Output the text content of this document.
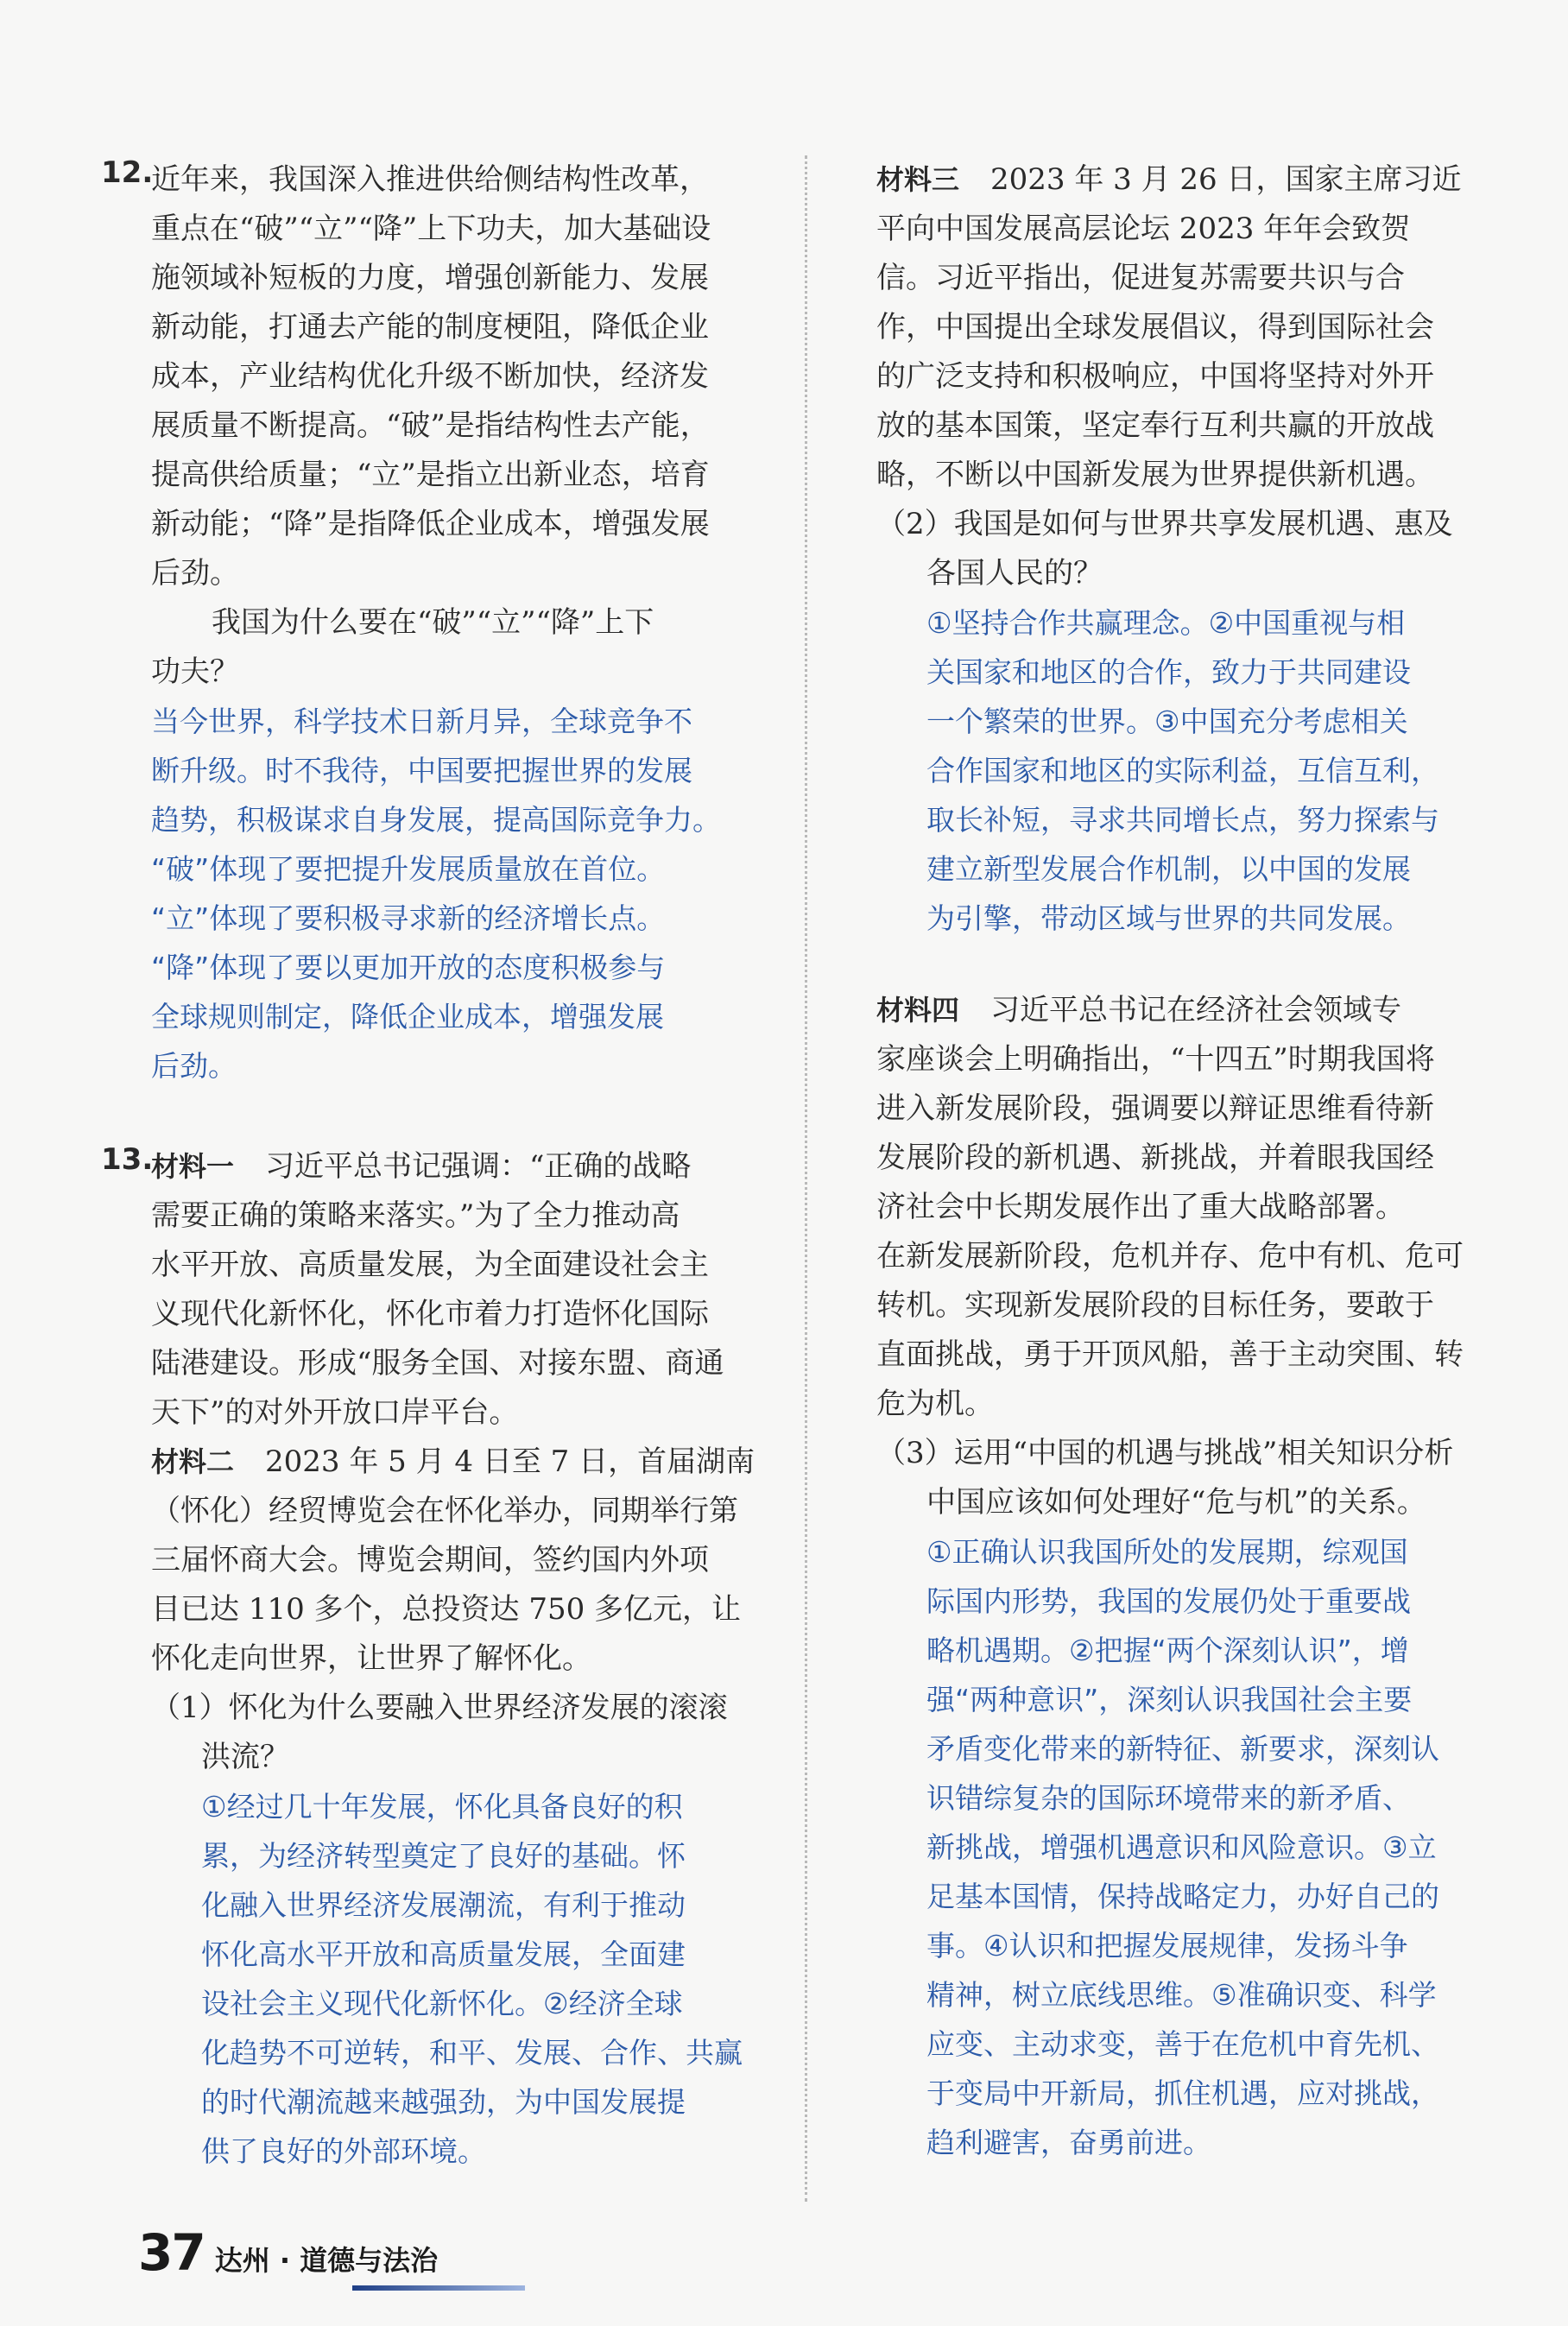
12.
近年来，我国深入推进供给侧结构性改革，
重点在“破”“立”“降”上下功夫，加大基础设
施领域补短板的力度，增强创新能力、发展
新动能，打通去产能的制度梗阻，降低企业
成本，产业结构优化升级不断加快，经济发
展质量不断提高。“破”是指结构性去产能，
提高供给质量；“立”是指立出新业态，培育
新动能；“降”是指降低企业成本，增强发展
后劲。
我国为什么要在“破”“立”“降”上下
功夫？
当今世界，科学技术日新月异，全球竞争不
断升级。时不我待，中国要把握世界的发展
趋势，积极谋求自身发展，提高国际竞争力。
“破”体现了要把提升发展质量放在首位。
“立”体现了要积极寻求新的经济增长点。
“降”体现了要以更加开放的态度积极参与
全球规则制定，降低企业成本，增强发展
后劲。
13.
材料一 习近平总书记强调：“正确的战略
需要正确的策略来落实。”为了全力推动高
水平开放、高质量发展，为全面建设社会主
义现代化新怀化，怀化市着力打造怀化国际
陆港建设。形成“服务全国、对接东盟、商通
天下”的对外开放口岸平台。
材料二 2023 年 5 月 4 日至 7 日，首届湖南
（怀化）经贸博览会在怀化举办，同期举行第
三届怀商大会。博览会期间，签约国内外项
目已达 110 多个，总投资达 750 多亿元，让
怀化走向世界，让世界了解怀化。
（1）怀化为什么要融入世界经济发展的滚滚
洪流？
①经过几十年发展，怀化具备良好的积
累，为经济转型奠定了良好的基础。怀
化融入世界经济发展潮流，有利于推动
怀化高水平开放和高质量发展，全面建
设社会主义现代化新怀化。②经济全球
化趋势不可逆转，和平、发展、合作、共赢
的时代潮流越来越强劲，为中国发展提
供了良好的外部环境。
材料三 2023 年 3 月 26 日，国家主席习近
平向中国发展高层论坛 2023 年年会致贺
信。习近平指出，促进复苏需要共识与合
作，中国提出全球发展倡议，得到国际社会
的广泛支持和积极响应，中国将坚持对外开
放的基本国策，坚定奉行互利共赢的开放战
略，不断以中国新发展为世界提供新机遇。
（2）我国是如何与世界共享发展机遇、惠及
各国人民的？
①坚持合作共赢理念。②中国重视与相
关国家和地区的合作，致力于共同建设
一个繁荣的世界。③中国充分考虑相关
合作国家和地区的实际利益，互信互利，
取长补短，寻求共同增长点，努力探索与
建立新型发展合作机制，以中国的发展
为引擎，带动区域与世界的共同发展。
材料四 习近平总书记在经济社会领域专
家座谈会上明确指出，“十四五”时期我国将
进入新发展阶段，强调要以辩证思维看待新
发展阶段的新机遇、新挑战，并着眼我国经
济社会中长期发展作出了重大战略部署。
在新发展新阶段，危机并存、危中有机、危可
转机。实现新发展阶段的目标任务，要敢于
直面挑战，勇于开顶风船，善于主动突围、转
危为机。
（3）运用“中国的机遇与挑战”相关知识分析
中国应该如何处理好“危与机”的关系。
①正确认识我国所处的发展期，综观国
际国内形势，我国的发展仍处于重要战
略机遇期。②把握“两个深刻认识”，增
强“两种意识”，深刻认识我国社会主要
矛盾变化带来的新特征、新要求，深刻认
识错综复杂的国际环境带来的新矛盾、
新挑战，增强机遇意识和风险意识。③立
足基本国情，保持战略定力，办好自己的
事。④认识和把握发展规律，发扬斗争
精神，树立底线思维。⑤准确识变、科学
应变、主动求变，善于在危机中育先机、
于变局中开新局，抓住机遇，应对挑战，
趋利避害，奋勇前进。
37 达州 · 道德与法治
